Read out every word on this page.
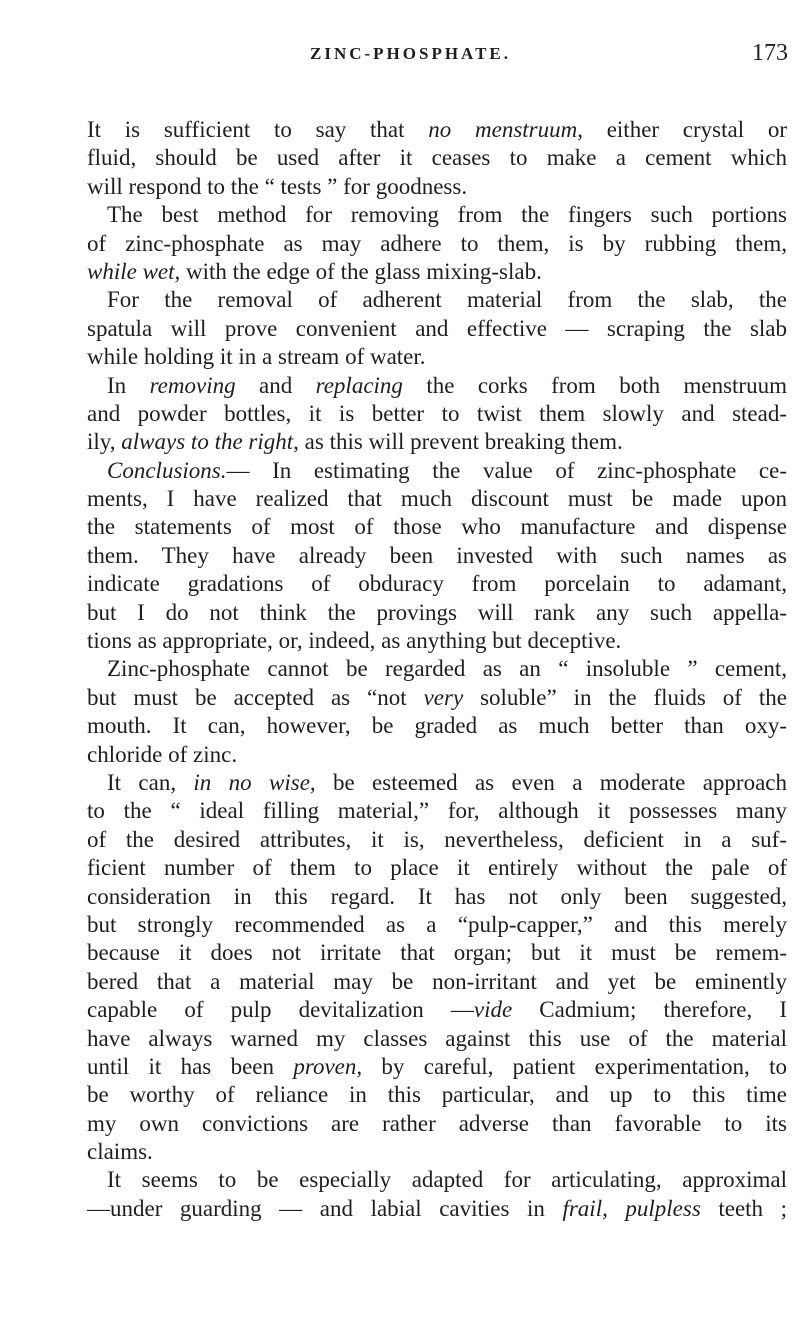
ZINC-PHOSPHATE.	173
It is sufficient to say that no menstruum, either crystal or
fluid, should be used after it ceases to make a cement which
will respond to the “ tests ” for goodness.
The best method for removing from the fingers such portions
of zinc-phosphate as may adhere to them, is by rubbing them,
while wet, with the edge of the glass mixing-slab.
For the removal of adherent material from the slab, the
spatula will prove convenient and effective — scraping the slab
while holding it in a stream of water.
In removing and replacing the corks from both menstruum
and powder bottles, it is better to twist them slowly and stead-
ily, always to the right, as this will prevent breaking them.
Conclusions.— In estimating the value of zinc-phosphate ce-
ments, I have realized that much discount must be made upon
the statements of most of those who manufacture and dispense
them. They have already been invested with such names as
indicate gradations of obduracy from porcelain to adamant,
but I do not think the provings will rank any such appella-
tions as appropriate, or, indeed, as anything but deceptive.
Zinc-phosphate cannot be regarded as an “ insoluble ” cement,
but must be accepted as “not very soluble” in the fluids of the
mouth. It can, however, be graded as much better than oxy-
chloride of zinc.
It can, in no wise, be esteemed as even a moderate approach
to the “ ideal filling material,” for, although it possesses many
of the desired attributes, it is, nevertheless, deficient in a suf-
ficient number of them to place it entirely without the pale of
consideration in this regard. It has not only been suggested,
but strongly recommended as a “pulp-capper,” and this merely
because it does not irritate that organ; but it must be remem-
bered that a material may be non-irritant and yet be eminently
capable of pulp devitalization —vide Cadmium; therefore, I
have always warned my classes against this use of the material
until it has been proven, by careful, patient experimentation, to
be worthy of reliance in this particular, and up to this time
my own convictions are rather adverse than favorable to its
claims.
It seems to be especially adapted for articulating, approximal
—under guarding — and labial cavities in frail, pulpless teeth ;
